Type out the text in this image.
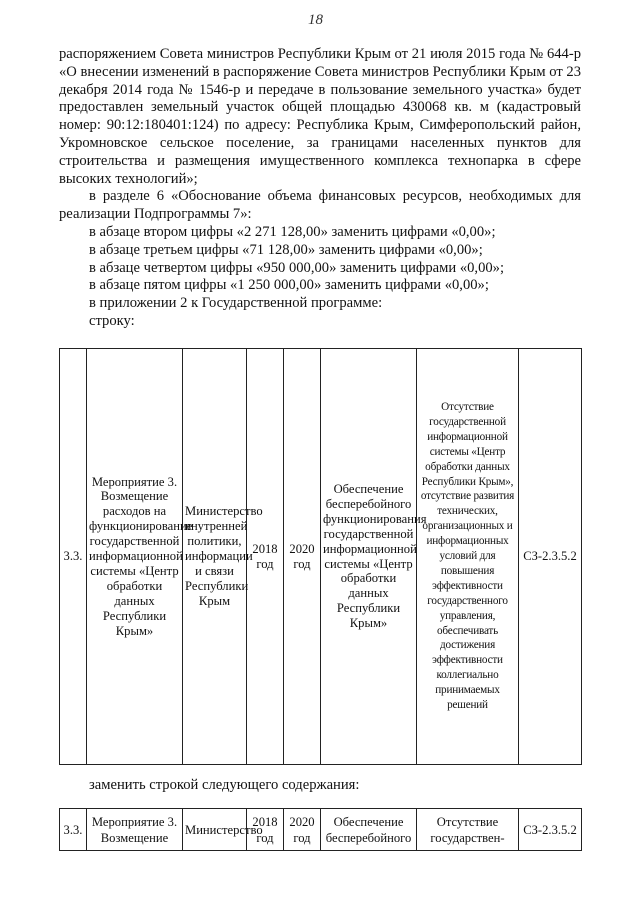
18

распоряжением Совета министров Республики Крым от 21 июля 2015 года № 644-р «О внесении изменений в распоряжение Совета министров Республики Крым от 23 декабря 2014 года № 1546-р и передаче в пользование земельного участка» будет предоставлен земельный участок общей площадью 430068 кв. м (кадастровый номер: 90:12:180401:124) по адресу: Республика Крым, Симферопольский район, Укромновское сельское поселение, за границами населенных пунктов для строительства и размещения имущественного комплекса технопарка в сфере высоких технологий»;

в разделе 6 «Обоснование объема финансовых ресурсов, необходимых для реализации Подпрограммы 7»:

в абзаце втором цифры «2 271 128,00» заменить цифрами «0,00»;

в абзаце третьем цифры «71 128,00» заменить цифрами «0,00»;

в абзаце четвертом цифры «950 000,00» заменить цифрами «0,00»;

в абзаце пятом цифры «1 250 000,00» заменить цифрами «0,00»;

в приложении 2 к Государственной программе:

строку:

3.3.	Мероприятие 3. Возмещение расходов на функционирование государственной информационной системы «Центр обработки данных Республики Крым»	Министерство внутренней политики, информации и связи Республики Крым	2018 год	2020 год	Обеспечение бесперебойного функционирования государственной информационной системы «Центр обработки данных Республики Крым»	Отсутствие государственной информационной системы «Центр обработки данных Республики Крым», отсутствие развития технических, организационных и информационных условий для повышения эффективности государственного управления, обеспечивать достижения эффективности коллегиально принимаемых решений	СЗ-2.3.5.2
заменить строкой следующего содержания:
3.3.	Мероприятие 3. Возмещение	Министерство	2018 год	2020 год	Обеспечение бесперебойного	Отсутствие государствен-	СЗ-2.3.5.2
